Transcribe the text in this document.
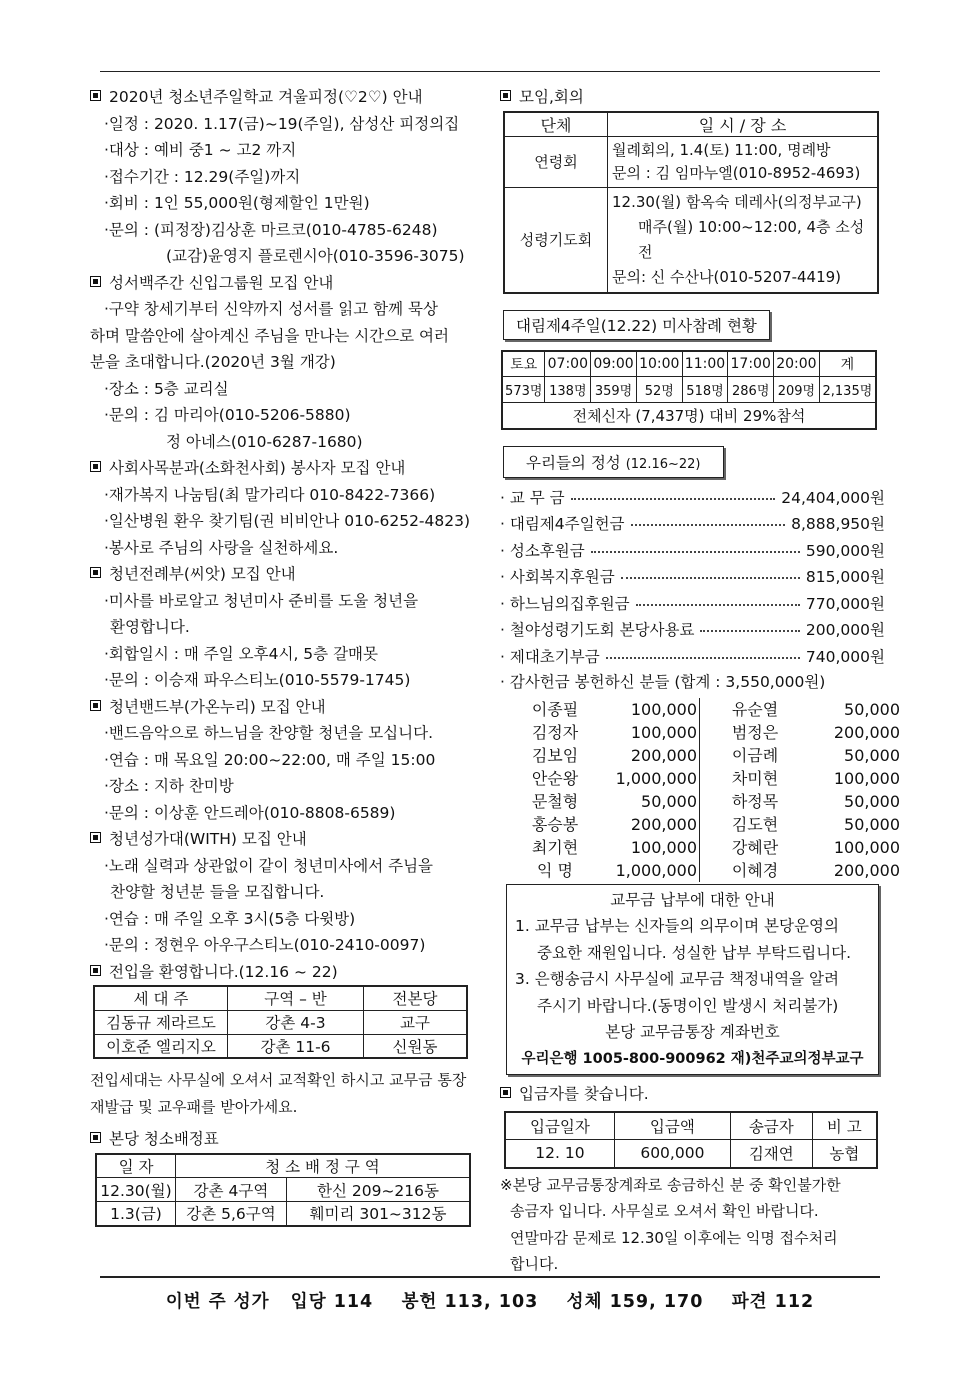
2020년 청소년주일학교 겨울피정(♡2♡) 안내
·일정 : 2020. 1.17(금)~19(주일), 삼성산 피정의집
·대상 : 예비 중1 ~ 고2 까지
·접수기간 : 12.29(주일)까지
·회비 : 1인 55,000원(형제할인 1만원)
·문의 : (피정장)김상훈 마르코(010-4785-6248)
(교감)윤영지 플로렌시아(010-3596-3075)
성서백주간 신입그룹원 모집 안내
·구약 창세기부터 신약까지 성서를 읽고 함께 묵상
하며 말씀안에 살아계신 주님을 만나는 시간으로 여러
분을 초대합니다.(2020년 3월 개강)
·장소 : 5층 교리실
·문의 : 김 마리아(010-5206-5880)
정 아네스(010-6287-1680)
사회사목분과(소화천사회) 봉사자 모집 안내
·재가복지 나눔팀(최 말가리다 010-8422-7366)
·일산병원 환우 찾기팀(권 비비안나 010-6252-4823)
·봉사로 주님의 사랑을 실천하세요.
청년전례부(씨앗) 모집 안내
·미사를 바로알고 청년미사 준비를 도울 청년을
환영합니다.
·회합일시 : 매 주일 오후4시, 5층 갈매못
·문의 : 이승재 파우스티노(010-5579-1745)
청년밴드부(가온누리) 모집 안내
·밴드음악으로 하느님을 찬양할 청년을 모십니다.
·연습 : 매 목요일 20:00~22:00, 매 주일 15:00
·장소 : 지하 찬미방
·문의 : 이상훈 안드레아(010-8808-6589)
청년성가대(WITH) 모집 안내
·노래 실력과 상관없이 같이 청년미사에서 주님을
찬양할 청년분 들을 모집합니다.
·연습 : 매 주일 오후 3시(5층 다윗방)
·문의 : 정현우 아우구스티노(010-2410-0097)
전입을 환영합니다.(12.16 ~ 22)
세 대 주	구역 – 반	전본당
김동규 제라르도	강촌 4-3	교구
이호준 엘리지오	강촌 11-6	신원동
전입세대는 사무실에 오셔서 교적확인 하시고 교무금 통장
재발급 및 교우패를 받아가세요.
본당 청소배정표
일 자	청 소 배 정 구 역	
12.30(월)	강촌 4구역	한신 209~216동
1.3(금)	강촌 5,6구역	훼미리 301~312동
모임,회의
단체	일 시 / 장 소
연령회	월례회의, 1.4(토) 11:00, 명례방
문의 : 김 임마누엘(010-8952-4693)

성령기도회	12.30(월) 함옥숙 데레사(의정부교구)
매주(월) 10:00~12:00, 4층 소성전
문의: 신 수산나(010-5207-4419)
대림제4주일(12.22) 미사참례 현황
토요	07:00	09:00	10:00	11:00	17:00	20:00	계
573명	138명	359명	52명	518명	286명	209명	2,135명
전체신자 (7,437명) 대비 29%참석							
우리들의 정성 (12.16~22)
· 교 무 금	24,404,000원
· 대림제4주일헌금	8,888,950원
· 성소후원금	590,000원
· 사회복지후원금	815,000원
· 하느님의집후원금	770,000원
· 철야성령기도회 본당사용료	200,000원
· 제대초기부금	740,000원
· 감사헌금 봉헌하신 분들 (합계 : 3,550,000원)
이종필	100,000	유순열	50,000
김정자	100,000	범정은	200,000
김보임	200,000	이금례	50,000
안순왕	1,000,000	차미현	100,000
문철형	50,000	하정목	50,000
홍승봉	200,000	김도현	50,000
최기현	100,000	강혜란	100,000
익 명	1,000,000	이혜경	200,000
교무금 납부에 대한 안내
1. 교무금 납부는 신자들의 의무이며 본당운영의
중요한 재원입니다. 성실한 납부 부탁드립니다.
3. 은행송금시 사무실에 교무금 책정내역을 알려
주시기 바랍니다.(동명이인 발생시 처리불가)
본당 교무금통장 계좌번호
우리은행 1005-800-900962 재)천주교의정부교구
입금자를 찾습니다.
입금일자	입금액	송금자	비 고
12. 10	600,000	김재연	농협
※본당 교무금통장계좌로 송금하신 분 중 확인불가한
송금자 입니다. 사무실로 오셔서 확인 바랍니다.
연말마감 문제로 12.30일 이후에는 익명 접수처리
합니다.
이번 주 성가   입당 114    봉헌 113, 103    성체 159, 170    파견 112
